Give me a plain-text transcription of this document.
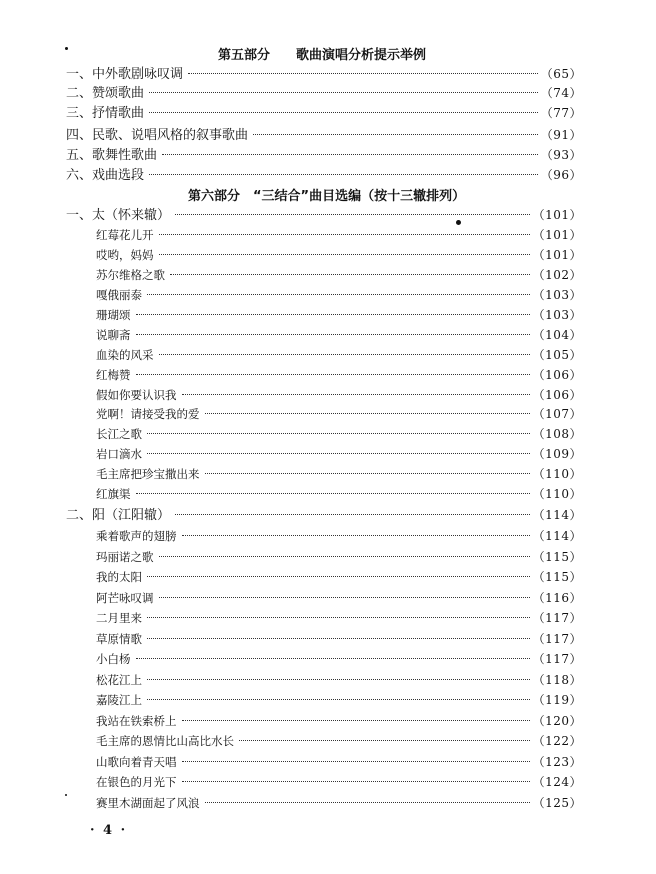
第五部分　　歌曲演唱分析提示举例
一、中外歌剧咏叹调	（65）
二、赞颂歌曲	（74）
三、抒情歌曲	（77）
四、民歌、说唱风格的叙事歌曲	（91）
五、歌舞性歌曲	（93）
六、戏曲选段	（96）
第六部分　“三结合”曲目选编（按十三辙排列）
一、太（怀来辙）	（101）
红莓花儿开	（101）
哎哟，妈妈	（101）
苏尔维格之歌	（102）
嘎俄丽泰	（103）
珊瑚颂	（103）
说聊斋	（104）
血染的风采	（105）
红梅赞	（106）
假如你要认识我	（106）
党啊！请接受我的爱	（107）
长江之歌	（108）
岩口滴水	（109）
毛主席把珍宝撒出来	（110）
红旗渠	（110）
二、阳（江阳辙）	（114）
乘着歌声的翅膀	（114）
玛丽诺之歌	（115）
我的太阳	（115）
阿芒咏叹调	（116）
二月里来	（117）
草原情歌	（117）
小白杨	（117）
松花江上	（118）
嘉陵江上	（119）
我站在铁索桥上	（120）
毛主席的恩情比山高比水长	（122）
山歌向着青天唱	（123）
在银色的月光下	（124）
赛里木湖面起了风浪	（125）
· 4 ·
